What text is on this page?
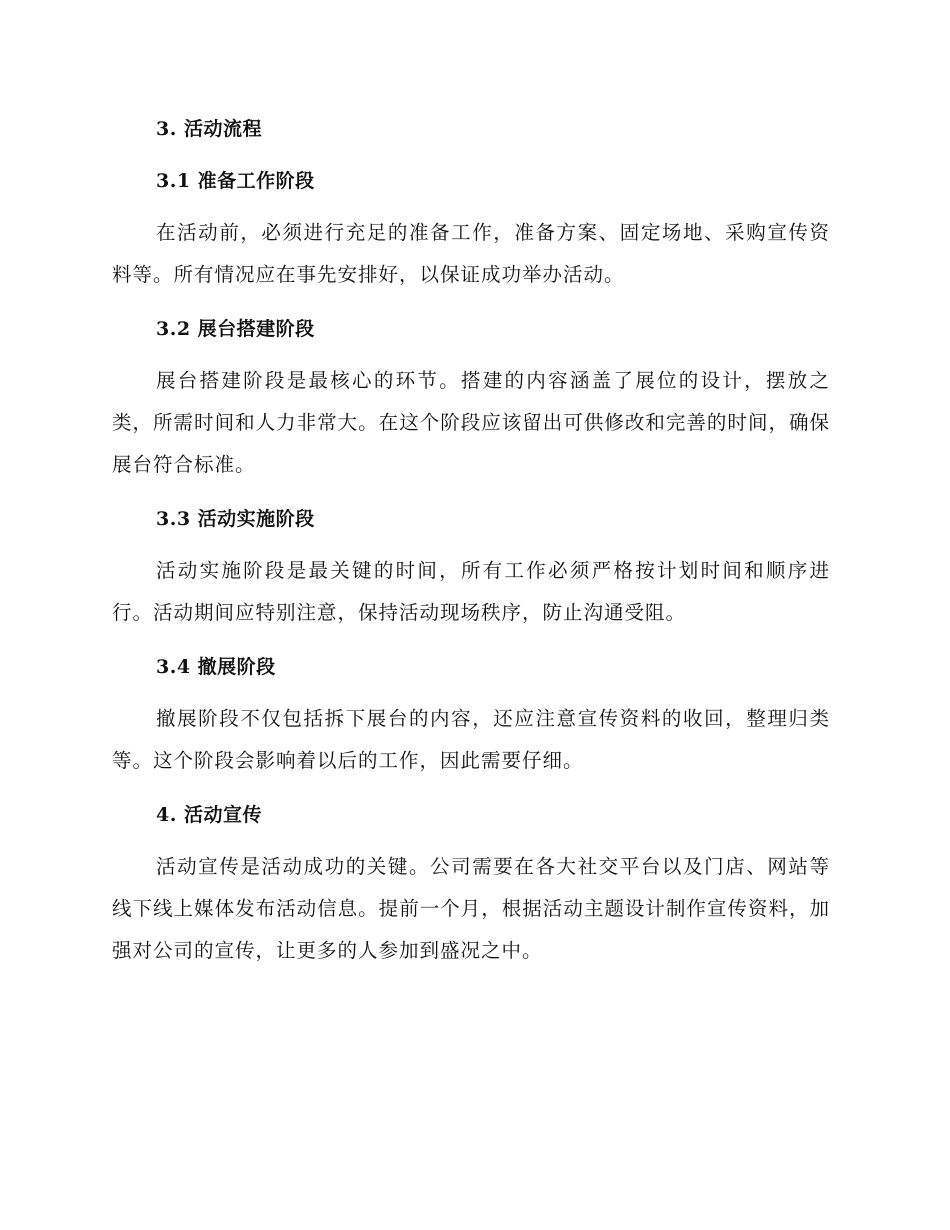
3. 活动流程
3.1 准备工作阶段

在活动前，必须进行充足的准备工作，准备方案、固定场地、采购宣传资料等。所有情况应在事先安排好，以保证成功举办活动。

3.2 展台搭建阶段

展台搭建阶段是最核心的环节。搭建的内容涵盖了展位的设计，摆放之类，所需时间和人力非常大。在这个阶段应该留出可供修改和完善的时间，确保展台符合标准。

3.3 活动实施阶段

活动实施阶段是最关键的时间，所有工作必须严格按计划时间和顺序进行。活动期间应特别注意，保持活动现场秩序，防止沟通受阻。

3.4 撤展阶段

撤展阶段不仅包括拆下展台的内容，还应注意宣传资料的收回，整理归类等。这个阶段会影响着以后的工作，因此需要仔细。

4. 活动宣传

活动宣传是活动成功的关键。公司需要在各大社交平台以及门店、网站等线下线上媒体发布活动信息。提前一个月，根据活动主题设计制作宣传资料，加强对公司的宣传，让更多的人参加到盛况之中。
